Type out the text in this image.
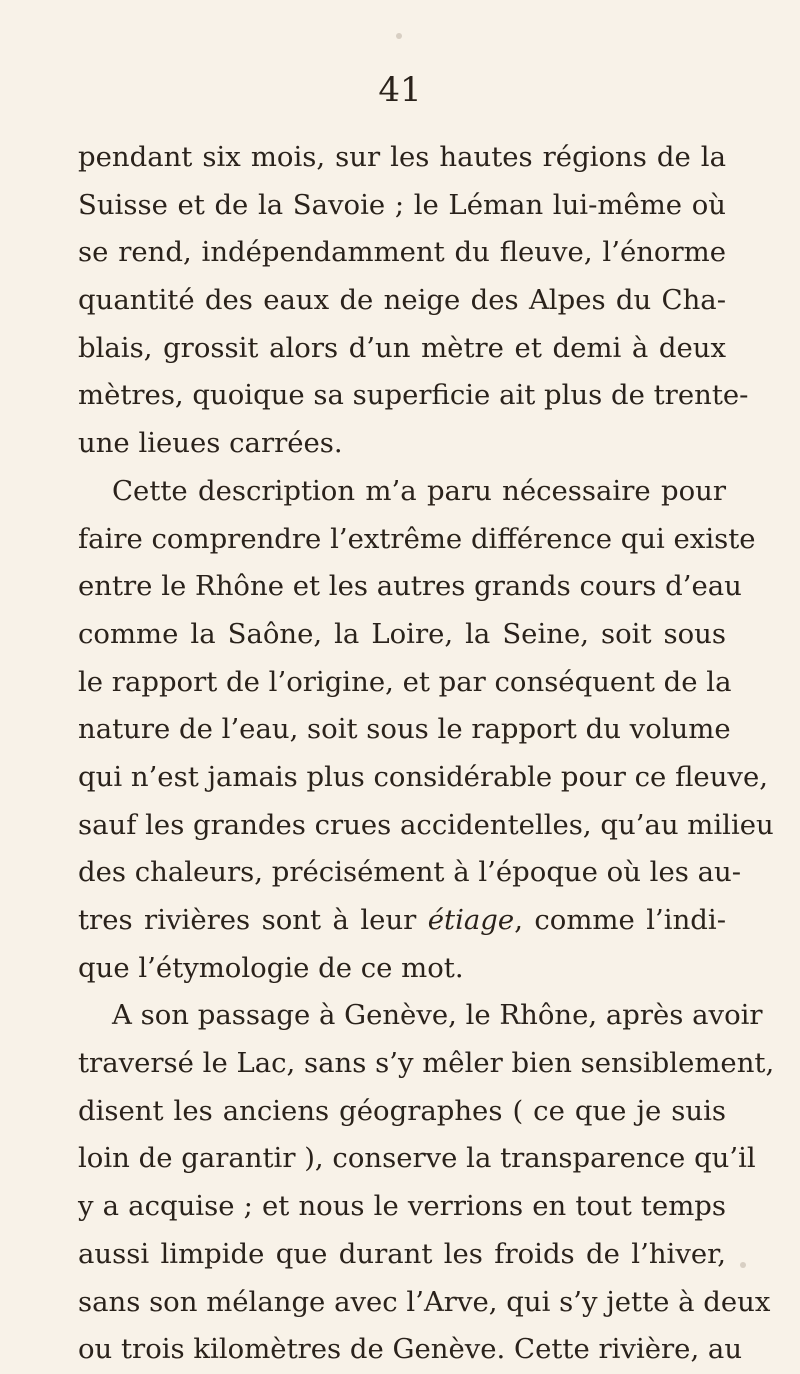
41
pendant six mois, sur les hautes régions de la
Suisse et de la Savoie ; le Léman lui-même où
se rend, indépendamment du fleuve, l’énorme
quantité des eaux de neige des Alpes du Cha-
blais, grossit alors d’un mètre et demi à deux
mètres, quoique sa superficie ait plus de trente-
une lieues carrées.
Cette description m’a paru nécessaire pour
faire comprendre l’extrême différence qui existe
entre le Rhône et les autres grands cours d’eau
comme la Saône, la Loire, la Seine, soit sous
le rapport de l’origine, et par conséquent de la
nature de l’eau, soit sous le rapport du volume
qui n’est jamais plus considérable pour ce fleuve,
sauf les grandes crues accidentelles, qu’au milieu
des chaleurs, précisément à l’époque où les au-
tres rivières sont à leur étiage, comme l’indi-
que l’étymologie de ce mot.
A son passage à Genève, le Rhône, après avoir
traversé le Lac, sans s’y mêler bien sensiblement,
disent les anciens géographes ( ce que je suis
loin de garantir ), conserve la transparence qu’il
y a acquise ; et nous le verrions en tout temps
aussi limpide que durant les froids de l’hiver,
sans son mélange avec l’Arve, qui s’y jette à deux
ou trois kilomètres de Genève. Cette rivière, au
